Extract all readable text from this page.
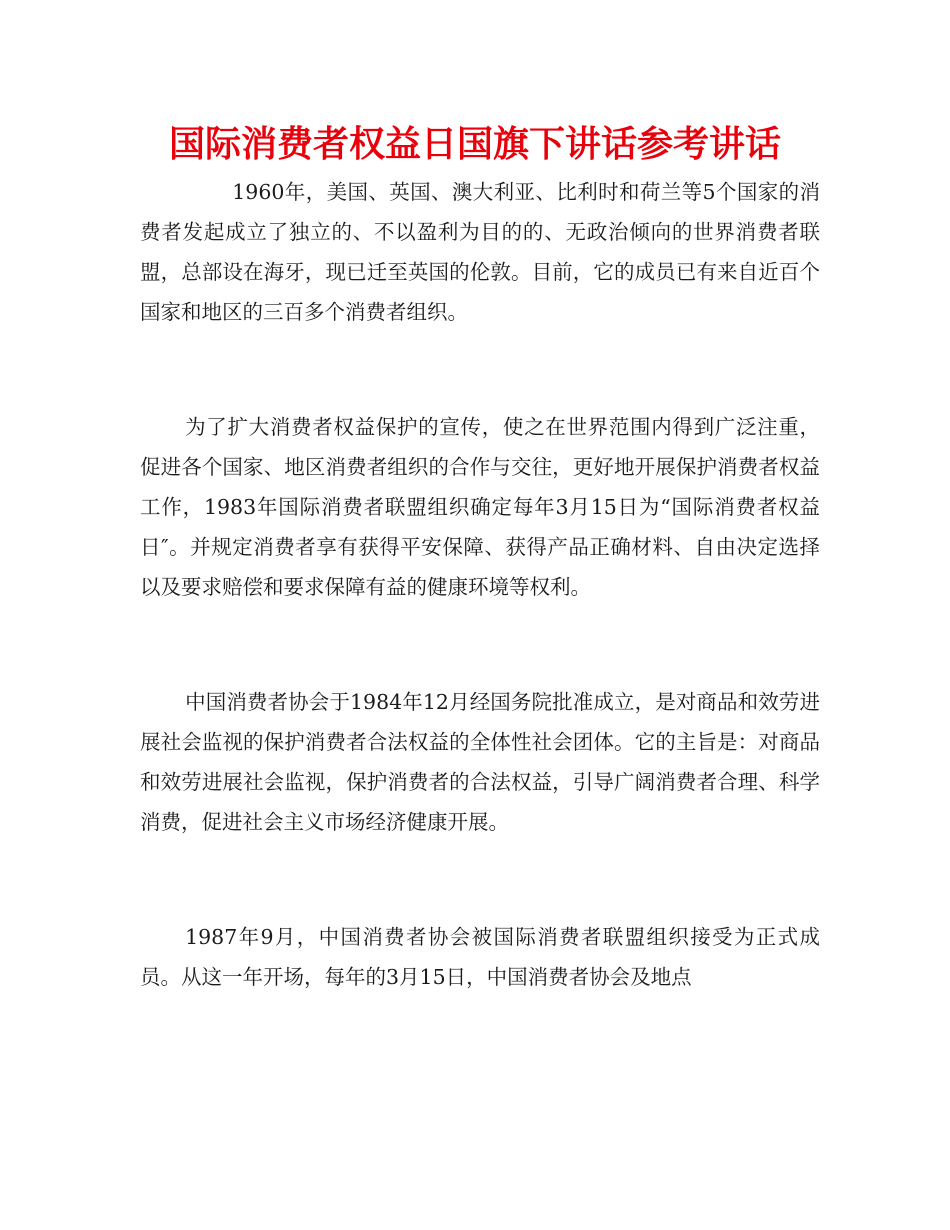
国际消费者权益日国旗下讲话参考讲话

1960年，美国、英国、澳大利亚、比利时和荷兰等5个国家的消费者发起成立了独立的、不以盈利为目的的、无政治倾向的世界消费者联盟，总部设在海牙，现已迁至英国的伦敦。目前，它的成员已有来自近百个国家和地区的三百多个消费者组织。

为了扩大消费者权益保护的宣传，使之在世界范围内得到广泛注重，促进各个国家、地区消费者组织的合作与交往，更好地开展保护消费者权益工作，1983年国际消费者联盟组织确定每年3月15日为“国际消费者权益日″。并规定消费者享有获得平安保障、获得产品正确材料、自由决定选择以及要求赔偿和要求保障有益的健康环境等权利。

中国消费者协会于1984年12月经国务院批准成立，是对商品和效劳进展社会监视的保护消费者合法权益的全体性社会团体。它的主旨是：对商品和效劳进展社会监视，保护消费者的合法权益，引导广阔消费者合理、科学消费，促进社会主义市场经济健康开展。

1987年9月，中国消费者协会被国际消费者联盟组织接受为正式成员。从这一年开场，每年的3月15日，中国消费者协会及地点
